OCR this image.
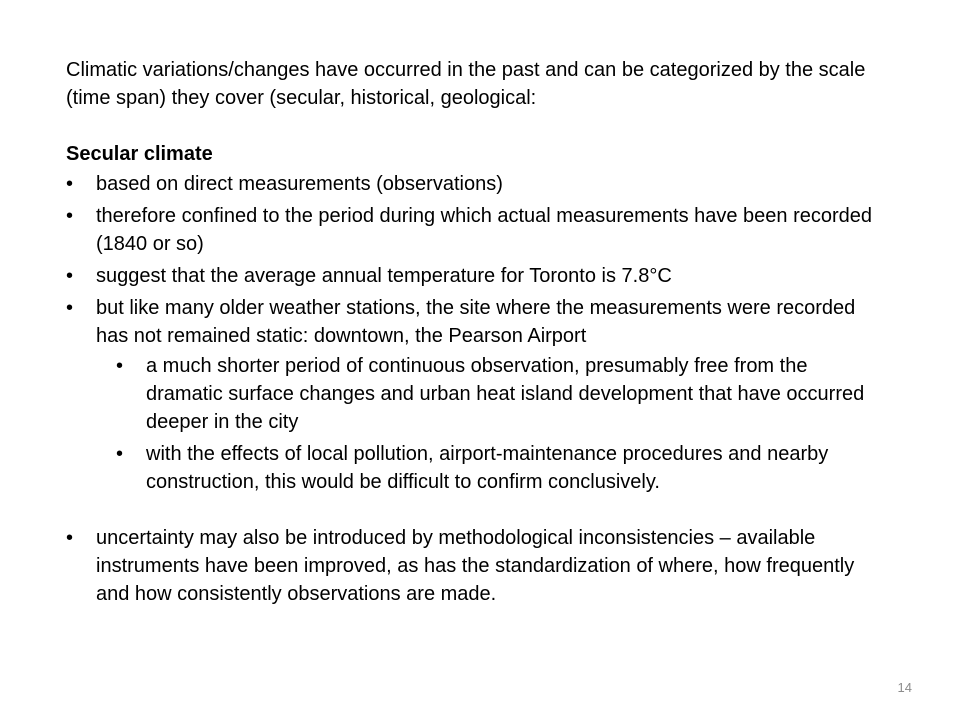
Climatic variations/changes have occurred in the past and can be categorized by the scale (time span) they cover (secular, historical, geological:

Secular climate

•	based on direct measurements (observations)
•	therefore confined to the period during which actual measurements have been recorded (1840 or so)
•	suggest that the average annual temperature for Toronto is 7.8°C
•	but like many older weather stations, the site where the measurements were recorded has not remained static: downtown, the Pearson Airport
•	a much shorter period of continuous observation, presumably free from the dramatic surface changes and urban heat island development that have occurred deeper in the city
•	with the effects of local pollution, airport-maintenance procedures and nearby construction, this would be difficult to confirm conclusively.
•	uncertainty may also be introduced by methodological inconsistencies – available instruments have been improved, as has the standardization of where, how frequently and how consistently observations are made.
14
